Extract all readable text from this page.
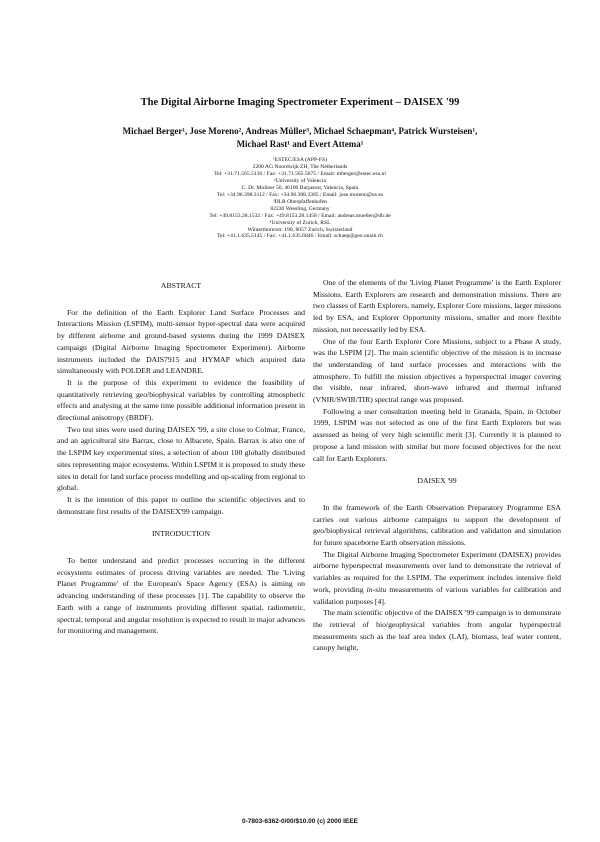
The Digital Airborne Imaging Spectrometer Experiment – DAISEX '99
Michael Berger¹, Jose Moreno², Andreas Müller³, Michael Schaepman⁴, Patrick Wursteisen¹,
Michael Rast¹ and Evert Attema¹
¹ESTEC/ESA (APP-FS)
2200 AG Noordwijk ZH, The Netherlands
Tel: +31.71.565.5136 / Fax: +31.71.565.5675 / Email: mberger@estec.esa.nl
²University of Valencia
C. Dr. Moliner 50, 46100 Burjassot, Valencia, Spain
Tel: +34.96.398.3112 / Fax: +34.96.398.3385 / Email: jose.moreno@uv.es
³DLR Oberpfaffenhofen
82230 Wessling, Germany
Tel: +49.8153.28.1532 / Fax: +49.8153.28.1458 / Email: andreas.mueller@dlr.de
⁴University of Zurich, RSL
Winterthurerstr. 190, 8057 Zurich, Switzerland
Tel: +41.1.635.5145 / Fax: +41.1.635.6846 / Email: schaep@geo.unizh.ch
ABSTRACT

For the definition of the Earth Explorer Land Surface Processes and Interactions Mission (LSPIM), multi-sensor hyper-spectral data were acquired by different airborne and ground-based systems during the 1999 DAISEX campaign (Digital Airborne Imaging Spectrometer Experiment). Airborne instruments included the DAIS7915 and HYMAP which acquired data simultaneously with POLDER and LEANDRE.

It is the purpose of this experiment to evidence the feasibility of quantitatively retrieving geo/biophysical variables by controlling atmospheric effects and analysing at the same time possible additional information present in directional anisotropy (BRDF).

Two test sites were used during DAISEX '99, a site close to Colmar, France, and an agricultural site Barrax, close to Albacete, Spain. Barrax is also one of the LSPIM key experimental sites, a selection of about 100 globally distributed sites representing major ecosystems. Within LSPIM it is proposed to study these sites in detail for land surface process modelling and up-scaling from regional to global.

It is the intention of this paper to outline the scientific objectives and to demonstrate first results of the DAISEX'99 campaign.

INTRODUCTION

To better understand and predict processes occurring in the different ecosystems estimates of process driving variables are needed. The 'Living Planet Programme' of the European's Space Agency (ESA) is aiming on advancing understanding of these processes [1]. The capability to observe the Earth with a range of instruments providing different spatial, radiometric, spectral, temporal and angular resolution is expected to result in major advances for monitoring and management.

One of the elements of the 'Living Planet Programme' is the Earth Explorer Missions. Earth Explorers are research and demonstration missions. There are two classes of Earth Explorers, namely, Explorer Core missions, larger missions led by ESA, and Explorer Opportunity missions, smaller and more flexible mission, not necessarily led by ESA.

One of the four Earth Explorer Core Missions, subject to a Phase A study, was the LSPIM [2]. The main scientific objective of the mission is to increase the understanding of land surface processes and interactions with the atmosphere. To fulfill the mission objectives a hyperspectral imager covering the visible, near infrared, short-wave infrared and thermal infrared (VNIR/SWIR/TIR) spectral range was proposed.

Following a user consultation meeting held in Granada, Spain, in October 1999, LSPIM was not selected as one of the first Earth Explorers but was assessed as being of very high scientific merit [3]. Currently it is planned to propose a land mission with similar but more focused objectives for the next call for Earth Explorers.

DAISEX '99

In the framework of the Earth Observation Preparatory Programme ESA carries out various airborne campaigns to support the development of geo/biophysical retrieval algorithms, calibration and validation and simulation for future spaceborne Earth observation missions.

The Digital Airborne Imaging Spectrometer Experiment (DAISEX) provides airborne hyperspectral measurements over land to demonstrate the retrieval of variables as required for the LSPIM. The experiment includes intensive field work, providing in-situ measurements of various variables for calibration and validation purposes [4].

The main scientific objective of the DAISEX '99 campaign is to demonstrate the retrieval of bio/geophysical variables from angular hyperspectral measurements such as the leaf area index (LAI), biomass, leaf water content, canopy height,

0-7803-6362-0/00/$10.00 (c) 2000 IEEE
